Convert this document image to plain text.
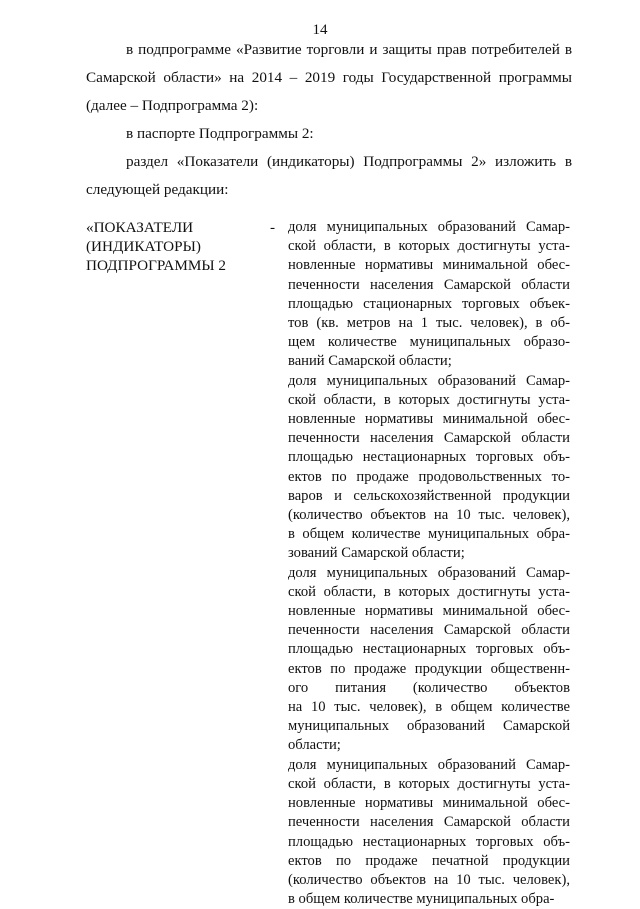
14

в подпрограмме «Развитие торговли и защиты прав потребителей в Самарской области» на 2014 – 2019 годы Государственной программы (далее – Подпрограмма 2):

в паспорте Подпрограммы 2:

раздел «Показатели (индикаторы) Подпрограммы 2» изложить в следующей редакции:

«ПОКАЗАТЕЛИ
(ИНДИКАТОРЫ)
ПОДПРОГРАММЫ 2
- доля муниципальных образований Самар-
ской области, в которых достигнуты уста-
новленные нормативы минимальной обес-
печенности населения Самарской области
площадью стационарных торговых объек-
тов (кв. метров на 1 тыс. человек), в об-
щем количестве муниципальных образо-
ваний Самарской области;
доля муниципальных образований Самар-
ской области, в которых достигнуты уста-
новленные нормативы минимальной обес-
печенности населения Самарской области
площадью нестационарных торговых объ-
ектов по продаже продовольственных то-
варов и сельскохозяйственной продукции
(количество объектов на 10 тыс. человек),
в общем количестве муниципальных обра-
зований Самарской области;
доля муниципальных образований Самар-
ской области, в которых достигнуты уста-
новленные нормативы минимальной обес-
печенности населения Самарской области
площадью нестационарных торговых объ-
ектов по продаже продукции общественн-
ого питания (количество объектов
на 10 тыс. человек), в общем количестве
муниципальных образований Самарской
области;
доля муниципальных образований Самар-
ской области, в которых достигнуты уста-
новленные нормативы минимальной обес-
печенности населения Самарской области
площадью нестационарных торговых объ-
ектов по продаже печатной продукции
(количество объектов на 10 тыс. человек),
в общем количестве муниципальных обра-
